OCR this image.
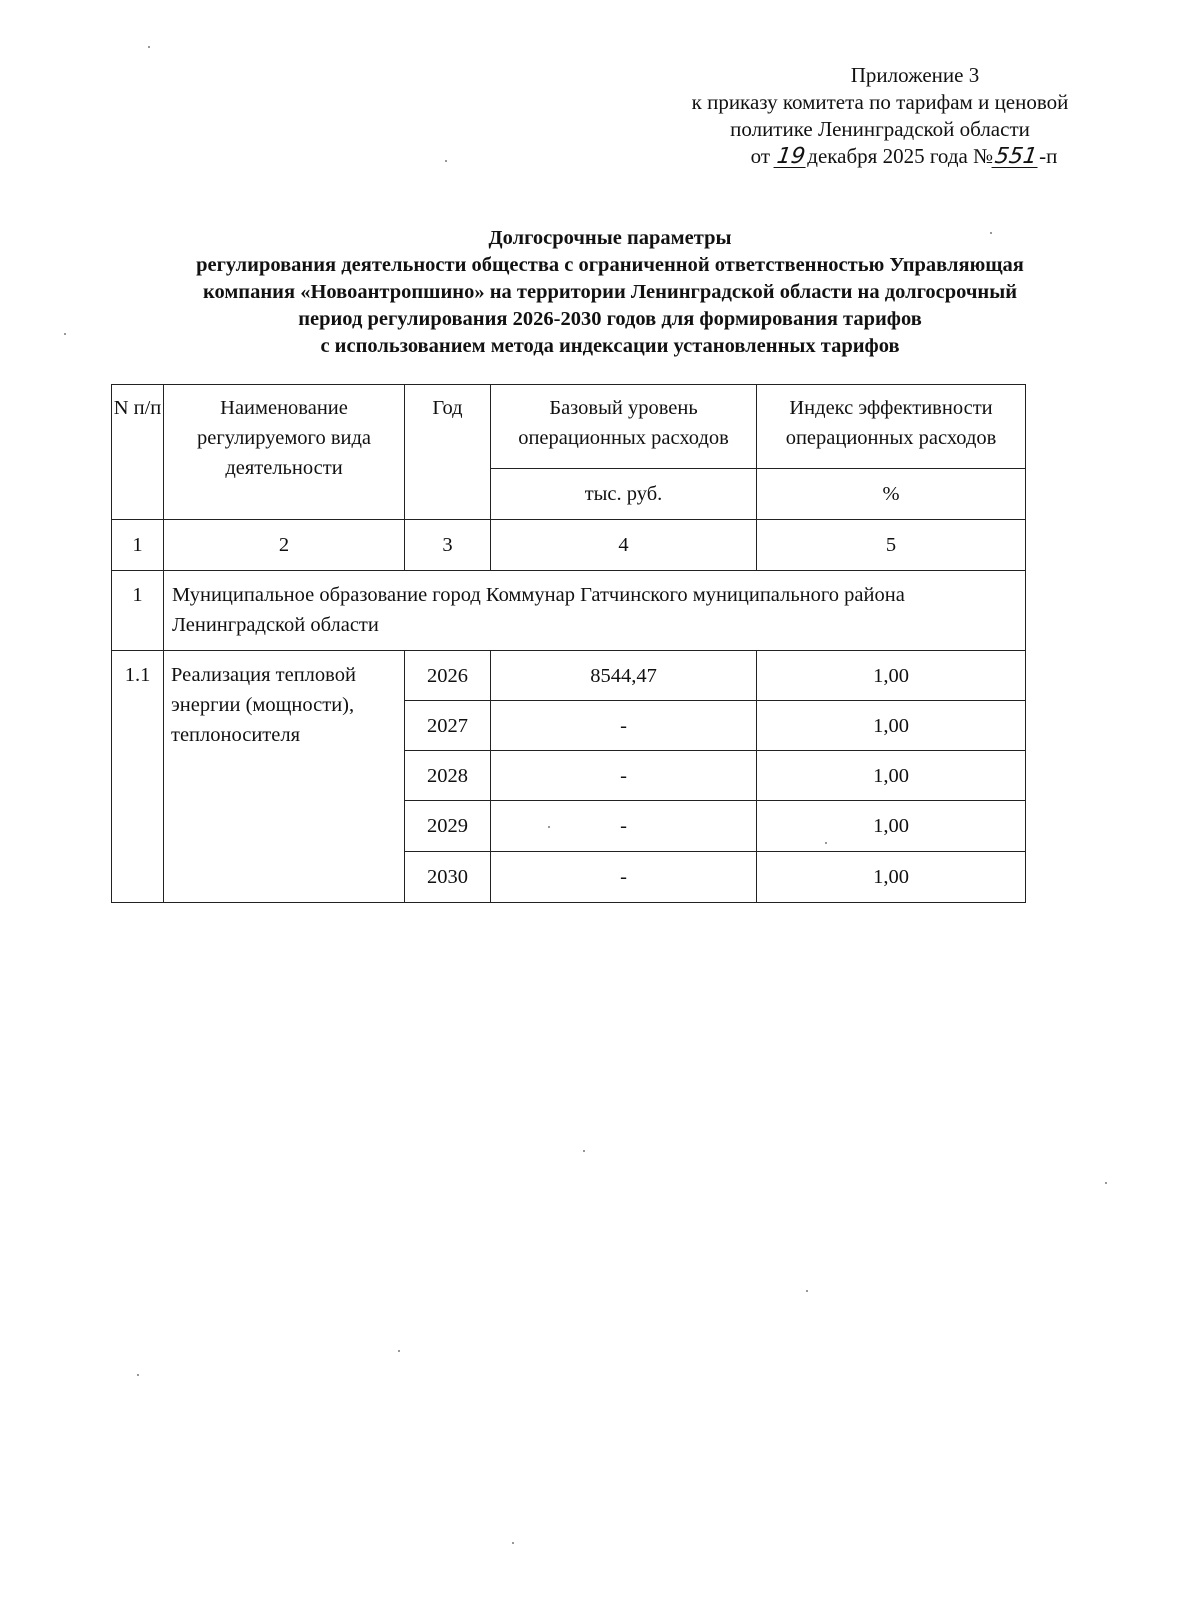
Приложение 3
к приказу комитета по тарифам и ценовой
политике Ленинградской области
от 19декабря 2025 года №551-п
Долгосрочные параметры
регулирования деятельности общества с ограниченной ответственностью Управляющая
компания «Новоантропшино» на территории Ленинградской области на долгосрочный
период регулирования 2026-2030 годов для формирования тарифов
с использованием метода индексации установленных тарифов
N п/п	Наименование регулируемого вида деятельности	Год	Базовый уровень операционных расходов	Индекс эффективности операционных расходов
			тыс. руб.	%
1	2	3	4	5
1	Муниципальное образование город Коммунар Гатчинского муниципального района Ленинградской области			
1.1	Реализация тепловой энергии (мощности), теплоносителя	2026	8544,47	1,00
		2027	-	1,00
		2028	-	1,00
		2029	-	1,00
		2030	-	1,00
